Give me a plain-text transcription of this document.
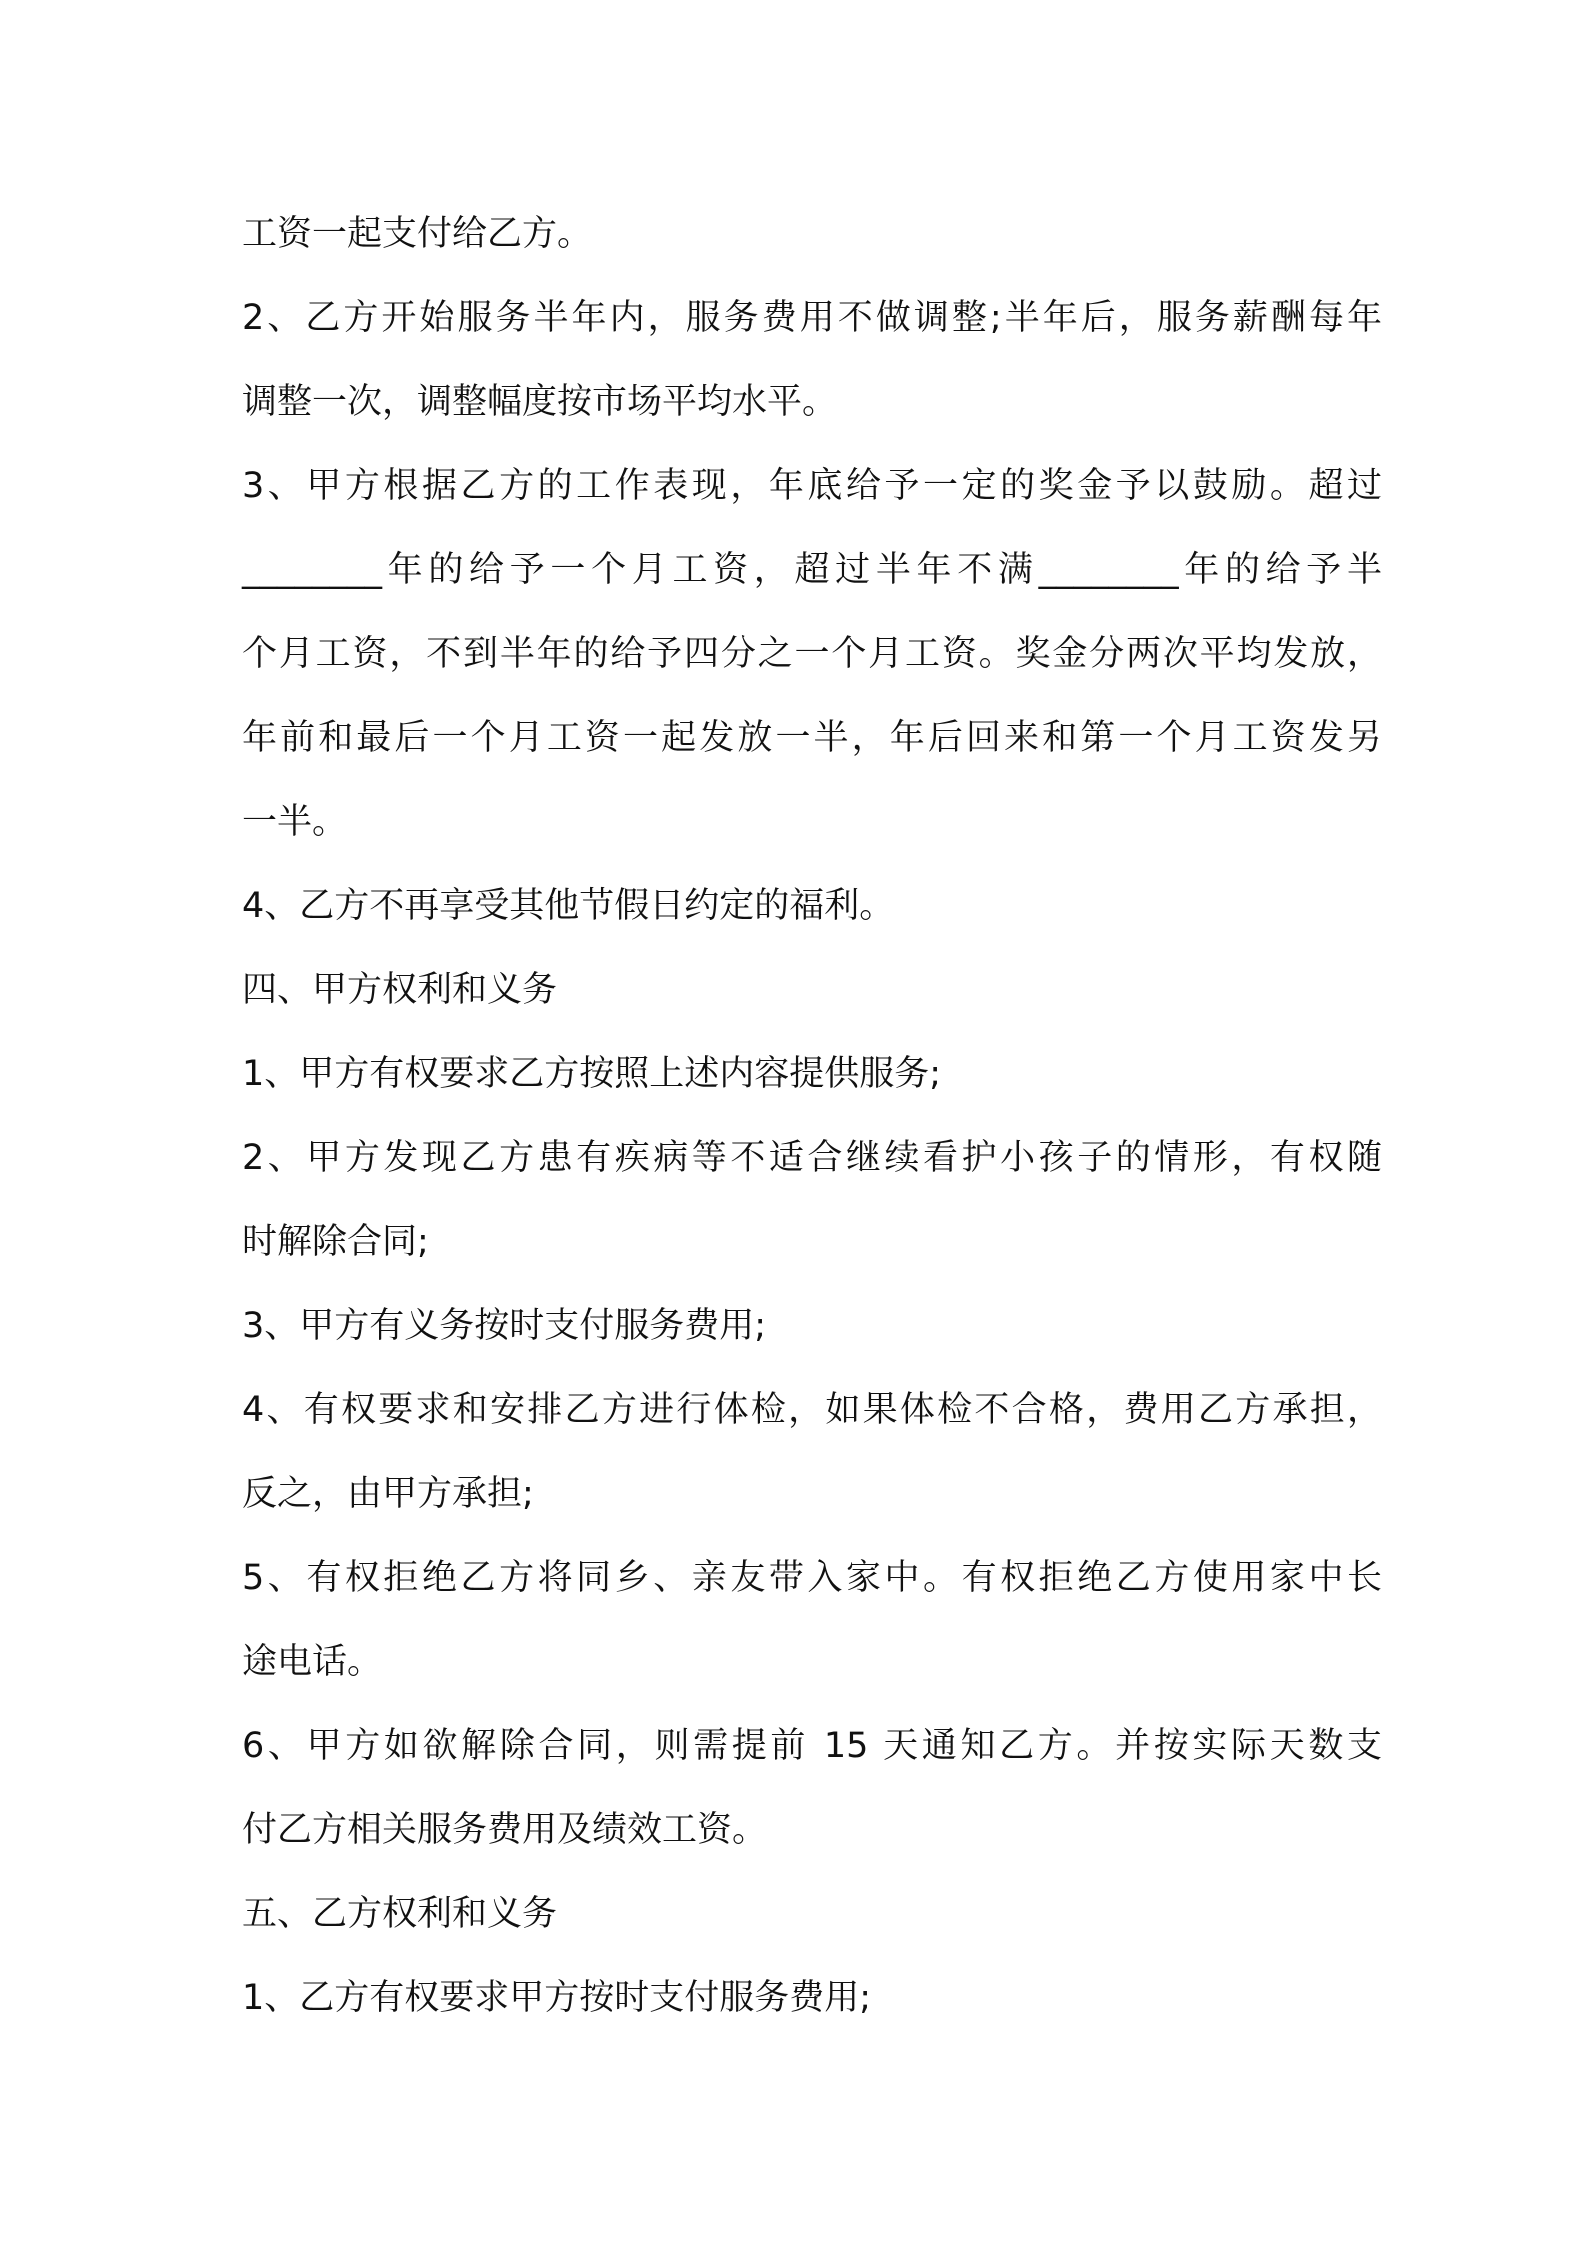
工资一起支付给乙方。
2、乙方开始服务半年内，服务费用不做调整;半年后，服务薪酬每年
调整一次，调整幅度按市场平均水平。
3、甲方根据乙方的工作表现，年底给予一定的奖金予以鼓励。超过
________年的给予一个月工资，超过半年不满________年的给予半
个月工资，不到半年的给予四分之一个月工资。奖金分两次平均发放，
年前和最后一个月工资一起发放一半，年后回来和第一个月工资发另
一半。
4、乙方不再享受其他节假日约定的福利。
四、甲方权利和义务
1、甲方有权要求乙方按照上述内容提供服务;
2、甲方发现乙方患有疾病等不适合继续看护小孩子的情形，有权随
时解除合同;
3、甲方有义务按时支付服务费用;
4、有权要求和安排乙方进行体检，如果体检不合格，费用乙方承担，
反之，由甲方承担;
5、有权拒绝乙方将同乡、亲友带入家中。有权拒绝乙方使用家中长
途电话。
6、甲方如欲解除合同，则需提前 15 天通知乙方。并按实际天数支
付乙方相关服务费用及绩效工资。
五、乙方权利和义务
1、乙方有权要求甲方按时支付服务费用;
